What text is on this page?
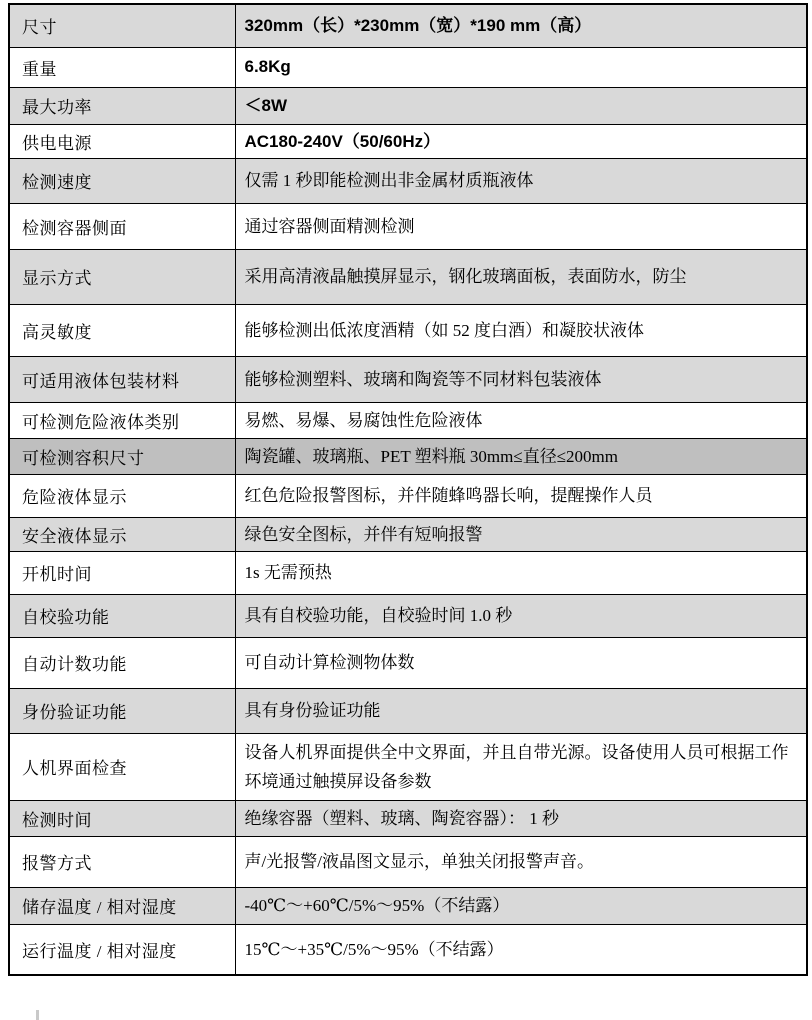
尺寸	320mm（长）*230mm（宽）*190 mm（高）
重量	6.8Kg
最大功率	＜8W
供电电源	AC180-240V（50/60Hz）
检测速度	仅需 1 秒即能检测出非金属材质瓶液体
检测容器侧面	通过容器侧面精测检测
显示方式	采用高清液晶触摸屏显示，钢化玻璃面板，表面防水，防尘
高灵敏度	能够检测出低浓度酒精（如 52 度白酒）和凝胶状液体
可适用液体包装材料	能够检测塑料、玻璃和陶瓷等不同材料包装液体
可检测危险液体类别	易燃、易爆、易腐蚀性危险液体
可检测容积尺寸	陶瓷罐、玻璃瓶、PET 塑料瓶 30mm≤直径≤200mm
危险液体显示	红色危险报警图标，并伴随蜂鸣器长响，提醒操作人员
安全液体显示	绿色安全图标，并伴有短响报警
开机时间	1s 无需预热
自校验功能	具有自校验功能，自校验时间 1.0 秒
自动计数功能	可自动计算检测物体数
身份验证功能	具有身份验证功能
人机界面检查	设备人机界面提供全中文界面，并且自带光源。设备使用人员可根据工作环境通过触摸屏设备参数
检测时间	绝缘容器（塑料、玻璃、陶瓷容器）： 1 秒
报警方式	声/光报警/液晶图文显示，单独关闭报警声音。
储存温度 / 相对湿度	-40℃～+60℃/5%～95%（不结露）
运行温度 / 相对湿度	15℃～+35℃/5%～95%（不结露）
